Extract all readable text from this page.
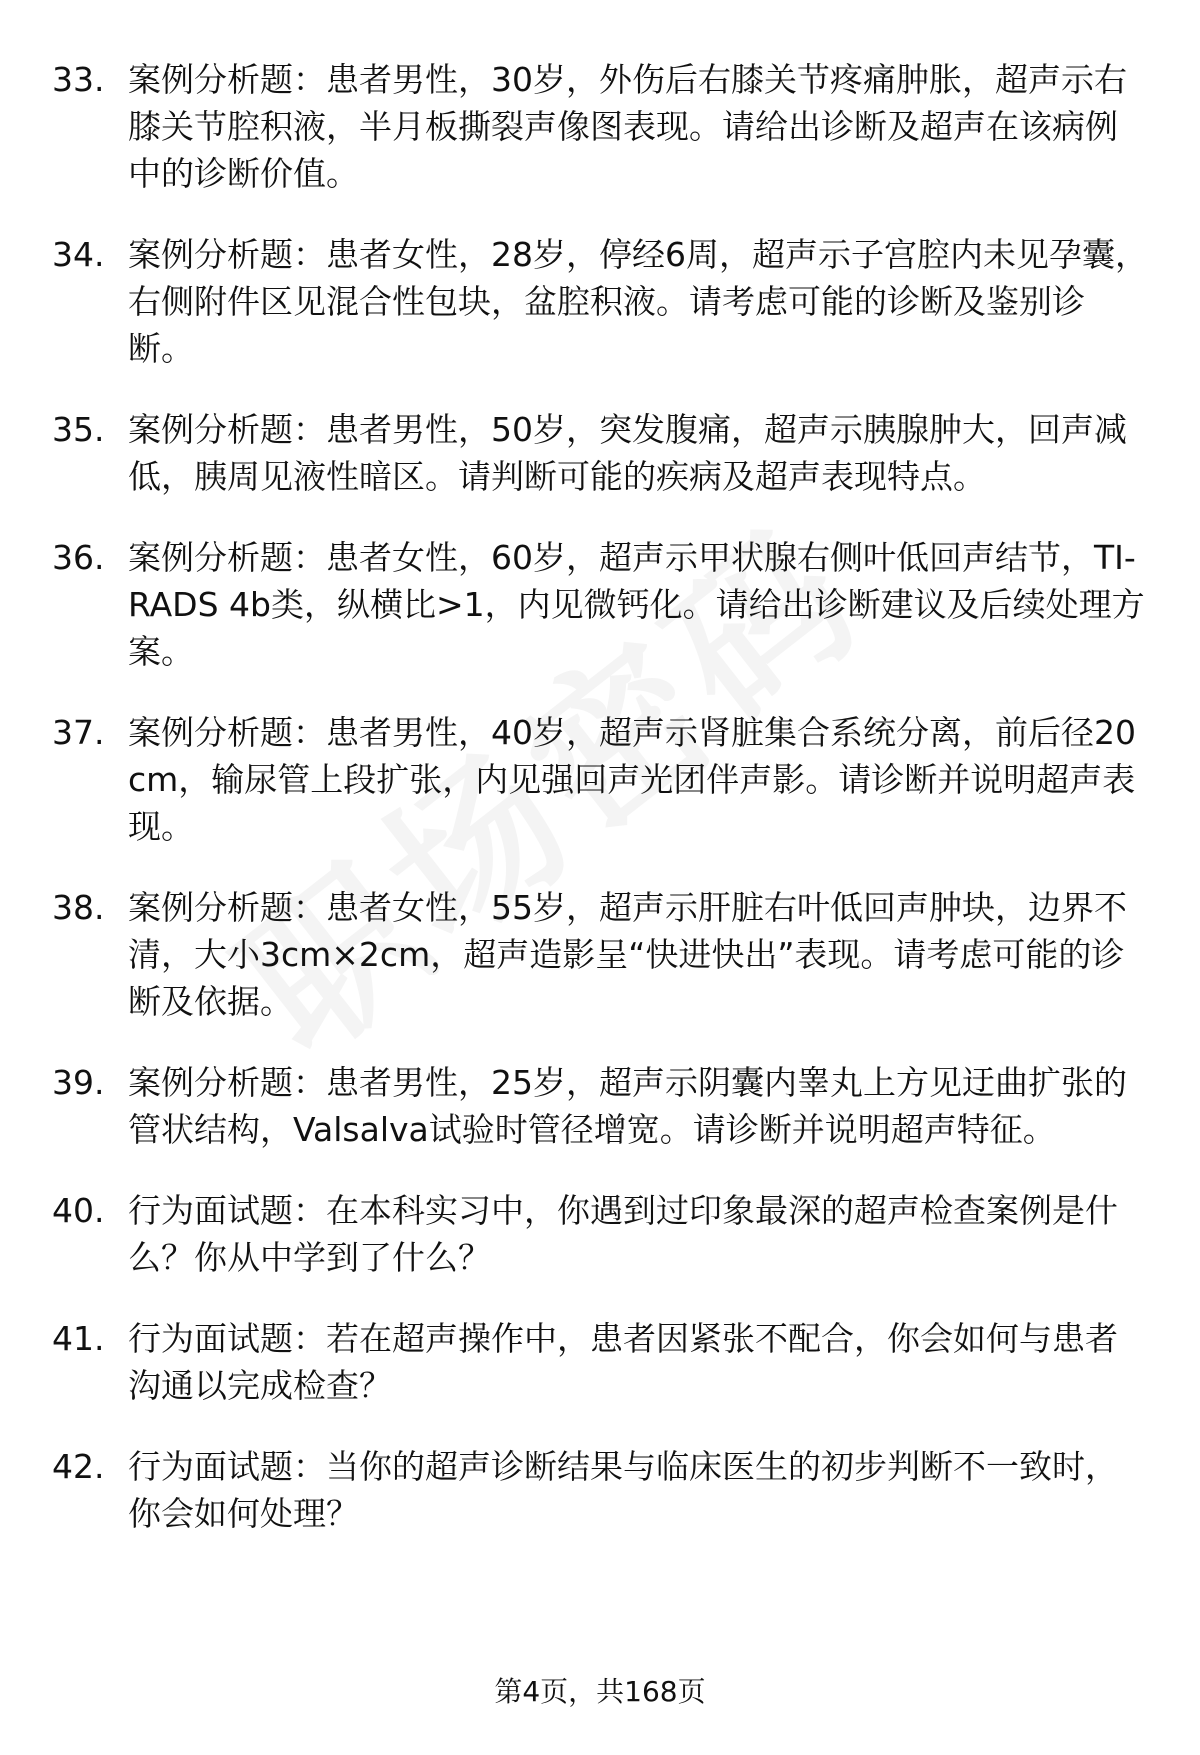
33. 案例分析题：患者男性，30岁，外伤后右膝关节疼痛肿胀，超声示右膝关节腔积液，半月板撕裂声像图表现。请给出诊断及超声在该病例中的诊断价值。
34. 案例分析题：患者女性，28岁，停经6周，超声示子宫腔内未见孕囊，右侧附件区见混合性包块，盆腔积液。请考虑可能的诊断及鉴别诊断。
35. 案例分析题：患者男性，50岁，突发腹痛，超声示胰腺肿大，回声减低，胰周见液性暗区。请判断可能的疾病及超声表现特点。
36. 案例分析题：患者女性，60岁，超声示甲状腺右侧叶低回声结节，TI-RADS 4b类，纵横比>1，内见微钙化。请给出诊断建议及后续处理方案。
37. 案例分析题：患者男性，40岁，超声示肾脏集合系统分离，前后径20cm，输尿管上段扩张，内见强回声光团伴声影。请诊断并说明超声表现。
38. 案例分析题：患者女性，55岁，超声示肝脏右叶低回声肿块，边界不清，大小3cm×2cm，超声造影呈“快进快出”表现。请考虑可能的诊断及依据。
39. 案例分析题：患者男性，25岁，超声示阴囊内睾丸上方见迂曲扩张的管状结构，Valsalva试验时管径增宽。请诊断并说明超声特征。
40. 行为面试题：在本科实习中，你遇到过印象最深的超声检查案例是什么？你从中学到了什么？
41. 行为面试题：若在超声操作中，患者因紧张不配合，你会如何与患者沟通以完成检查？
42. 行为面试题：当你的超声诊断结果与临床医生的初步判断不一致时，你会如何处理？
第4页，共168页
